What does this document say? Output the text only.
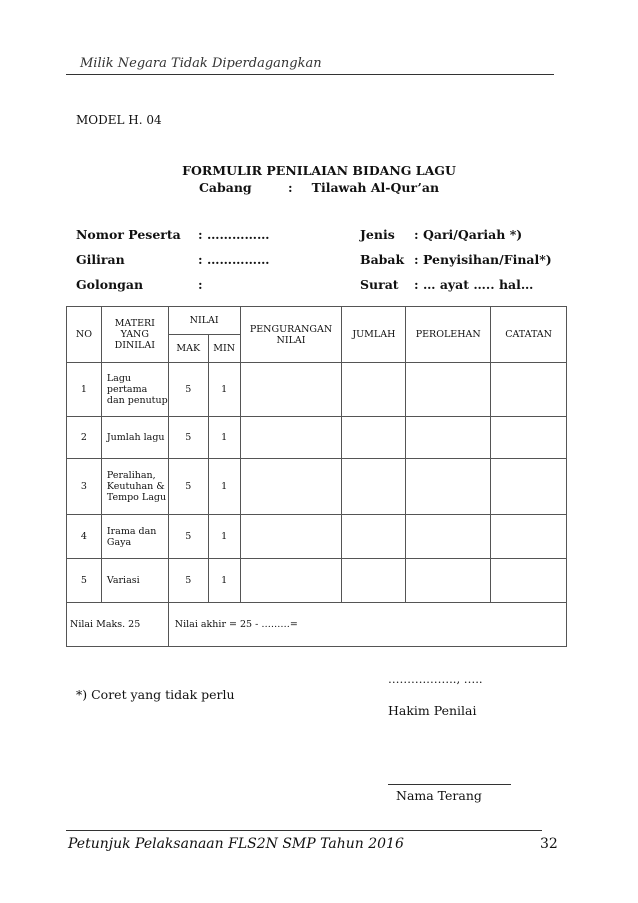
Milik Negara Tidak Diperdagangkan
MODEL H. 04
FORMULIR PENILAIAN BIDANG LAGU
Cabang	: Tilawah Al-Qur’an
Nomor Peserta : ……………
Giliran	: ……………
Golongan	:
Jenis : Qari/Qariah *)
Babak : Penyisihan/Final*)
Surat : … ayat ….. hal…
NO	MATERI YANG DINILAI	NILAI		PENGURANGAN NILAI	JUMLAH	PEROLEHAN	CATATAN
		MAK	MIN				
1	Lagu pertama dan penutup	5	1				
2	Jumlah lagu	5	1				
3	Peralihan, Keutuhan & Tempo Lagu	5	1				
4	Irama dan Gaya	5	1				
5	Variasi	5	1				
Nilai Maks. 25		Nilai akhir = 25 - ………=					
*) Coret yang tidak perlu
……….…….., …..
Hakim Penilai
Nama Terang
Petunjuk Pelaksanaan FLS2N SMP Tahun 2016	32
